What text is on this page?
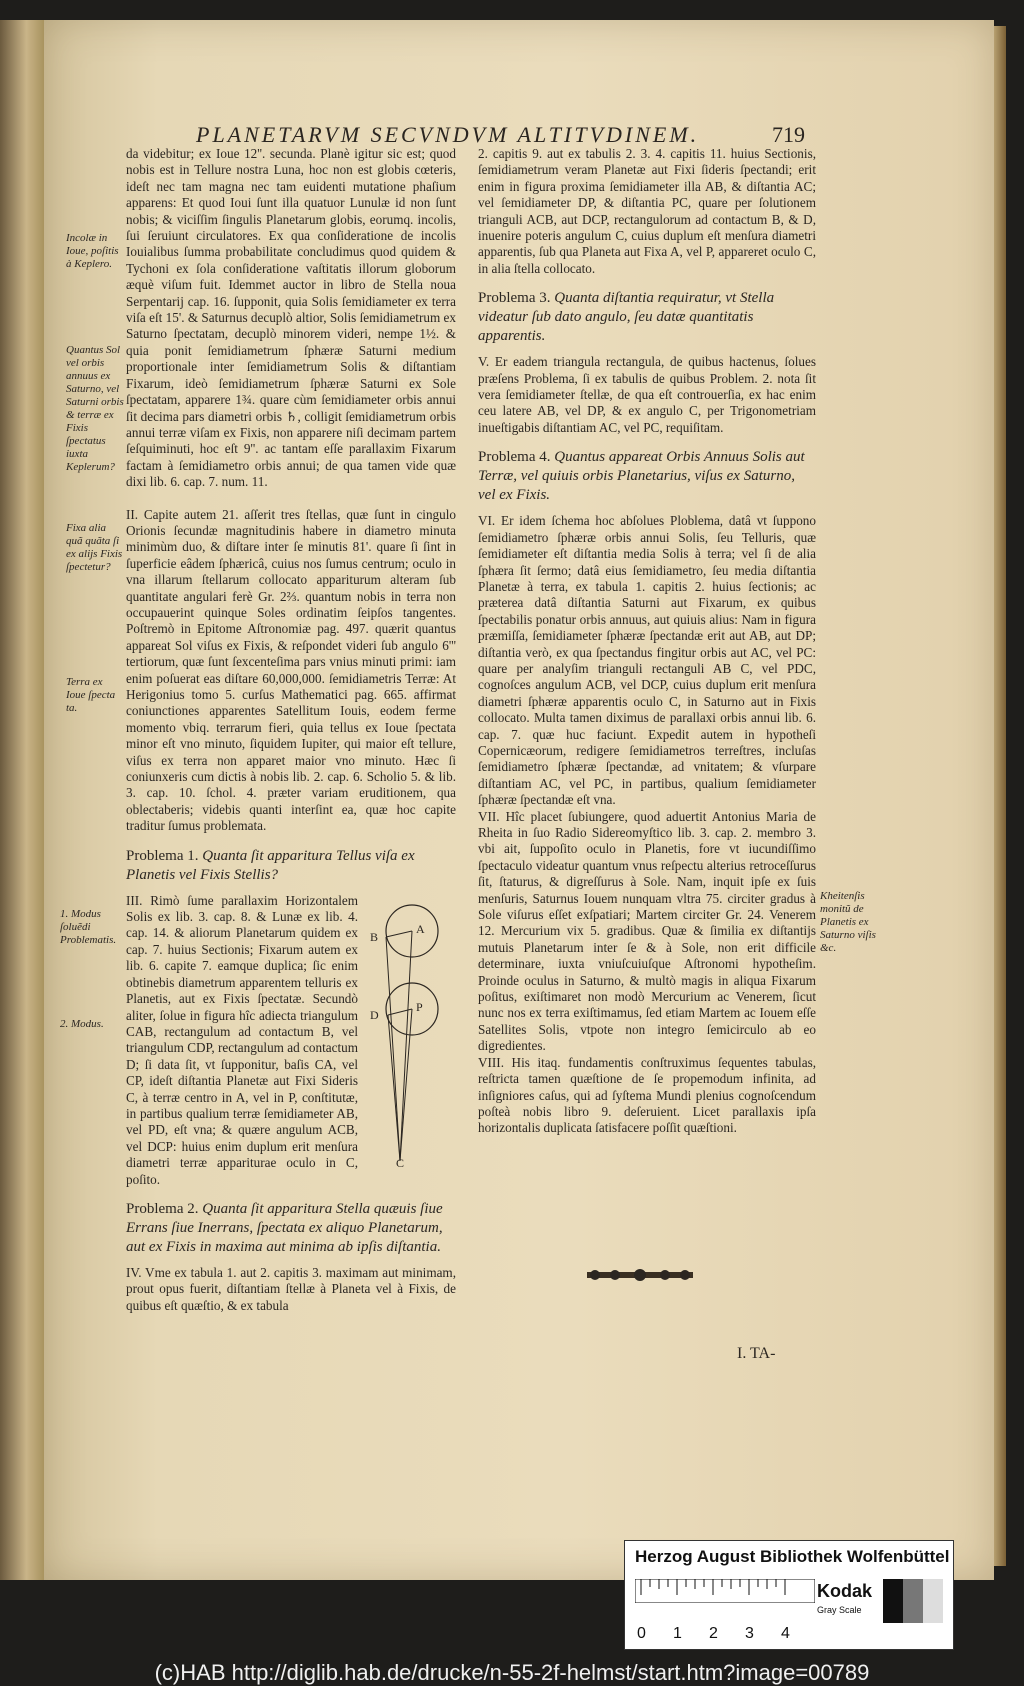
PLANETARVM SECVNDVM ALTITVDINEM.	719

da videbitur; ex Ioue 12''. secunda. Planè igitur sic est; quod nobis est in Tellure nostra Luna, hoc non est globis cœteris, ideſt nec tam magna nec tam euidenti mutatione phaſium apparens: Et quod Ioui ſunt illa quatuor Lunulæ id non ſunt nobis; & viciſſim ſingulis Planetarum globis, eorumq. incolis, ſui ſeruiunt circulatores. Ex qua conſideratione de incolis Iouialibus ſumma probabilitate concludimus quod quidem & Tychoni ex ſola conſideratione vaſtitatis illorum globorum æquè viſum fuit. Idemmet auctor in libro de Stella noua Serpentarij cap. 16. ſupponit, quia Solis ſemidiameter ex terra viſa eſt 15'. & Saturnus decuplò altior, Solis ſemidiametrum ex Saturno ſpectatam, decuplò minorem videri, nempe 1½. & quia ponit ſemidiametrum ſphæræ Saturni medium proportionale inter ſemidiametrum Solis & diſtantiam Fixarum, ideò ſemidiametrum ſphæræ Saturni ex Sole ſpectatam, apparere 1¾. quare cùm ſemidiameter orbis annui ſit decima pars diametri orbis ♄, colligit ſemidiametrum orbis annui terræ viſam ex Fixis, non apparere niſi decimam partem ſeſquiminuti, hoc eſt 9''. ac tantam eſſe parallaxim Fixarum factam à ſemidiametro orbis annui; de qua tamen vide quæ dixi lib. 6. cap. 7. num. 11.

II. Capite autem 21. aſſerit tres ſtellas, quæ ſunt in cingulo Orionis ſecundæ magnitudinis habere in diametro minuta minimùm duo, & diſtare inter ſe minutis 81'. quare ſi ſint in ſuperficie eâdem ſphæricâ, cuius nos ſumus centrum; oculo in vna illarum ſtellarum collocato appariturum alteram ſub quantitate angulari ferè Gr. 2⅔. quantum nobis in terra non occupauerint quinque Soles ordinatim ſeipſos tangentes. Poſtremò in Epitome Aſtronomiæ pag. 497. quærit quantus appareat Sol viſus ex Fixis, & reſpondet videri ſub angulo 6''' tertiorum, quæ ſunt ſexcenteſima pars vnius minuti primi: iam enim poſuerat eas diſtare 60,000,000. ſemidiametris Terræ: At Herigonius tomo 5. curſus Mathematici pag. 665. affirmat coniunctiones apparentes Satellitum Iouis, eodem ferme momento vbiq. terrarum fieri, quia tellus ex Ioue ſpectata minor eſt vno minuto, ſiquidem Iupiter, qui maior eſt tellure, viſus ex terra non apparet maior vno minuto. Hæc ſi coniunxeris cum dictis à nobis lib. 2. cap. 6. Scholio 5. & lib. 3. cap. 10. ſchol. 4. præter variam eruditionem, qua oblectaberis; videbis quanti interſint ea, quæ hoc capite traditur ſumus problemata.

Problema 1. Quanta ſit apparitura Tellus viſa ex Planetis vel Fixis Stellis?
A
B
D
P
C

III. Rimò ſume parallaxim Horizontalem Solis ex lib. 3. cap. 8. & Lunæ ex lib. 4. cap. 14. & aliorum Planetarum quidem ex cap. 7. huius Sectionis; Fixarum autem ex lib. 6. capite 7. eamque duplica; ſic enim obtinebis diametrum apparentem telluris ex Planetis, aut ex Fixis ſpectatæ. Secundò aliter, ſolue in figura hîc adiecta triangulum CAB, rectangulum ad contactum B, vel triangulum CDP, rectangulum ad contactum D; ſi data ſit, vt ſupponitur, baſis CA, vel CP, ideſt diſtantia Planetæ aut Fixi Sideris C, à terræ centro in A, vel in P, conſtitutæ, in partibus qualium terræ ſemidiameter AB, vel PD, eſt vna; & quære angulum ACB, vel DCP: huius enim duplum erit menſura diametri terræ appariturae oculo in C, poſito.

Problema 2. Quanta ſit apparitura Stella quæuis ſiue Errans ſiue Inerrans, ſpectata ex aliquo Planetarum, aut ex Fixis in maxima aut minima ab ipſis diſtantia.

IV. Vme ex tabula 1. aut 2. capitis 3. maximam aut minimam, prout opus fuerit, diſtantiam ſtellæ à Planeta vel à Fixis, de quibus eſt quæſtio, & ex tabula

2. capitis 9. aut ex tabulis 2. 3. 4. capitis 11. huius Sectionis, ſemidiametrum veram Planetæ aut Fixi ſideris ſpectandi; erit enim in figura proxima ſemidiameter illa AB, & diſtantia AC; vel ſemidiameter DP, & diſtantia PC, quare per ſolutionem trianguli ACB, aut DCP, rectangulorum ad contactum B, & D, inuenire poteris angulum C, cuius duplum eſt menſura diametri apparentis, ſub qua Planeta aut Fixa A, vel P, appareret oculo C, in alia ſtella collocato.

Problema 3. Quanta diſtantia requiratur, vt Stella videatur ſub dato angulo, ſeu datæ quantitatis apparentis.

V. Er eadem triangula rectangula, de quibus hactenus, ſolues præſens Problema, ſi ex tabulis de quibus Problem. 2. nota ſit vera ſemidiameter ſtellæ, de qua eſt controuerſia, ex hac enim ceu latere AB, vel DP, & ex angulo C, per Trigonometriam inueſtigabis diſtantiam AC, vel PC, requiſitam.

Problema 4. Quantus appareat Orbis Annuus Solis aut Terræ, vel quiuis orbis Planetarius, viſus ex Saturno, vel ex Fixis.

VI. Er idem ſchema hoc abſolues Ploblema, datâ vt ſuppono ſemidiametro ſphæræ orbis annui Solis, ſeu Telluris, quæ ſemidiameter eſt diſtantia media Solis à terra; vel ſi de alia ſphæra ſit ſermo; datâ eius ſemidiametro, ſeu media diſtantia Planetæ à terra, ex tabula 1. capitis 2. huius ſectionis; ac præterea datâ diſtantia Saturni aut Fixarum, ex quibus ſpectabilis ponatur orbis annuus, aut quiuis alius: Nam in figura præmiſſa, ſemidiameter ſphæræ ſpectandæ erit aut AB, aut DP; diſtantia verò, ex qua ſpectandus fingitur orbis aut AC, vel PC: quare per analyſim trianguli rectanguli AB C, vel PDC, cognoſces angulum ACB, vel DCP, cuius duplum erit menſura diametri ſphæræ apparentis oculo C, in Saturno aut in Fixis collocato. Multa tamen diximus de parallaxi orbis annui lib. 6. cap. 7. quæ huc faciunt. Expedit autem in hypotheſi Copernicæorum, redigere ſemidiametros terreſtres, incluſas ſemidiametro ſphæræ ſpectandæ, ad vnitatem; & vſurpare diſtantiam AC, vel PC, in partibus, qualium ſemidiameter ſphæræ ſpectandæ eſt vna.

VII. Hîc placet ſubiungere, quod aduertit Antonius Maria de Rheita in ſuo Radio Sidereomyſtico lib. 3. cap. 2. membro 3. vbi ait, ſuppoſito oculo in Planetis, fore vt iucundiſſimo ſpectaculo videatur quantum vnus reſpectu alterius retroceſſurus ſit, ſtaturus, & digreſſurus à Sole. Nam, inquit ipſe ex ſuis menſuris, Saturnus Iouem nunquam vltra 75. circiter gradus à Sole viſurus eſſet exſpatiari; Martem circiter Gr. 24. Venerem 12. Mercurium vix 5. gradibus. Quæ & ſimilia ex diſtantijs mutuis Planetarum inter ſe & à Sole, non erit difficile determinare, iuxta vniuſcuiuſque Aſtronomi hypotheſim. Proinde oculus in Saturno, & multò magis in aliqua Fixarum poſitus, exiſtimaret non modò Mercurium ac Venerem, ſicut nunc nos ex terra exiſtimamus, ſed etiam Martem ac Iouem eſſe Satellites Solis, vtpote non integro ſemicirculo ab eo digredientes.

VIII. His itaq. fundamentis conſtruximus ſequentes tabulas, reſtricta tamen quæſtione de ſe propemodum infinita, ad inſigniores caſus, qui ad ſyſtema Mundi plenius cognoſcendum poſteà nobis libro 9. deſeruient. Licet parallaxis ipſa horizontalis duplicata ſatisfacere poſſit quæſtioni.

Incolæ in Ioue, poſitis à Keplero.
Quantus Sol vel orbis annuus ex Saturno, vel Saturni orbis & terræ ex Fixis ſpectatus iuxta Keplerum?
Fixa alia quã quãta ſi ex alijs Fixis ſpectetur?
Terra ex Ioue ſpecta ta.
1. Modus ſoluẽdi Problematis.
2. Modus.
Kheitenſis monitũ de Planetis ex Saturno viſis &c.
I. TA-
Herzog August Bibliothek Wolfenbüttel
0 1 2 3 4
Kodak
Gray Scale
(c)HAB http://diglib.hab.de/drucke/n-55-2f-helmst/start.htm?image=00789
